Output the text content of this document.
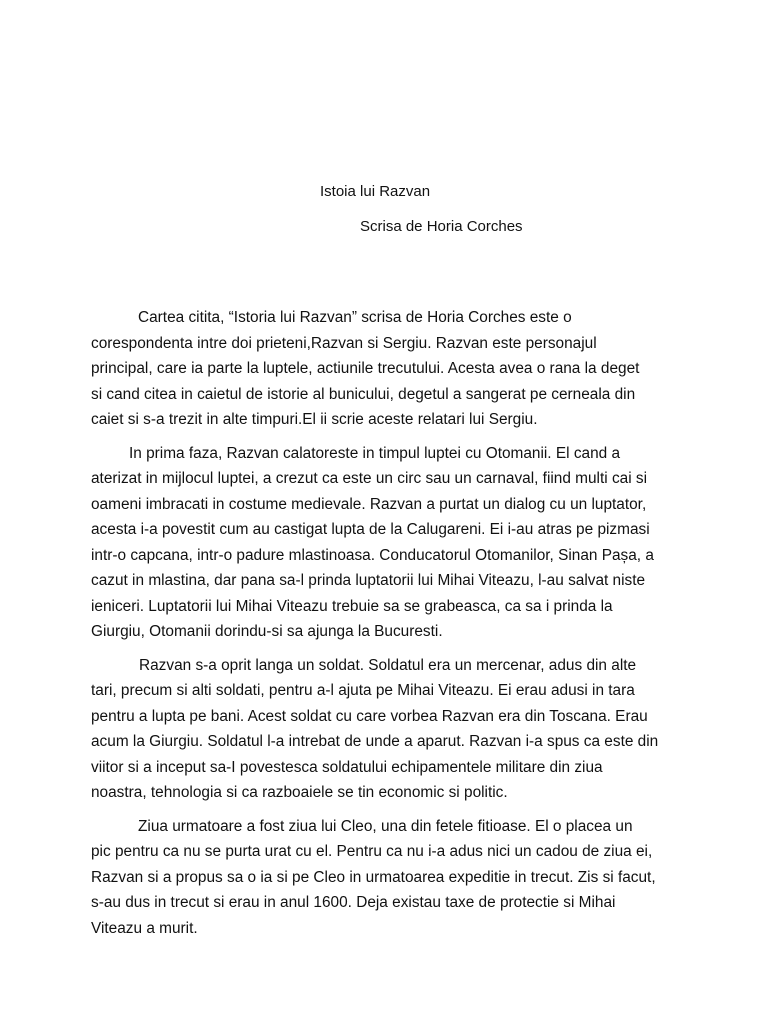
Istoia lui Razvan
Scrisa de Horia Corches

Cartea citita, “Istoria lui Razvan” scrisa de Horia Corches este o
corespondenta intre doi prieteni,Razvan si Sergiu. Razvan este personajul
principal, care ia parte la luptele, actiunile trecutului. Acesta avea o rana la deget
si cand citea in caietul de istorie al bunicului, degetul a sangerat pe cerneala din
caiet si s-a trezit in alte timpuri.El ii scrie aceste relatari lui Sergiu.

In prima faza, Razvan calatoreste in timpul luptei cu Otomanii. El cand a
aterizat in mijlocul luptei, a crezut ca este un circ sau un carnaval, fiind multi cai si
oameni imbracati in costume medievale. Razvan a purtat un dialog cu un luptator,
acesta i-a povestit cum au castigat lupta de la Calugareni. Ei i-au atras pe pizmasi
intr-o capcana, intr-o padure mlastinoasa. Conducatorul Otomanilor, Sinan Pașa, a
cazut in mlastina, dar pana sa-l prinda luptatorii lui Mihai Viteazu, l-au salvat niste
ieniceri. Luptatorii lui Mihai Viteazu trebuie sa se grabeasca, ca sa i prinda la
Giurgiu, Otomanii dorindu-si sa ajunga la Bucuresti.

Razvan s-a oprit langa un soldat. Soldatul era un mercenar, adus din alte
tari, precum si alti soldati, pentru a-l ajuta pe Mihai Viteazu. Ei erau adusi in tara
pentru a lupta pe bani. Acest soldat cu care vorbea Razvan era din Toscana. Erau
acum la Giurgiu. Soldatul l-a intrebat de unde a aparut. Razvan i-a spus ca este din
viitor si a inceput sa-I povestesca soldatului echipamentele militare din ziua
noastra, tehnologia si ca razboaiele se tin economic si politic.

Ziua urmatoare a fost ziua lui Cleo, una din fetele fitioase. El o placea un
pic pentru ca nu se purta urat cu el. Pentru ca nu i-a adus nici un cadou de ziua ei,
Razvan si a propus sa o ia si pe Cleo in urmatoarea expeditie in trecut. Zis si facut,
s-au dus in trecut si erau in anul 1600. Deja existau taxe de protectie si Mihai
Viteazu a murit.
